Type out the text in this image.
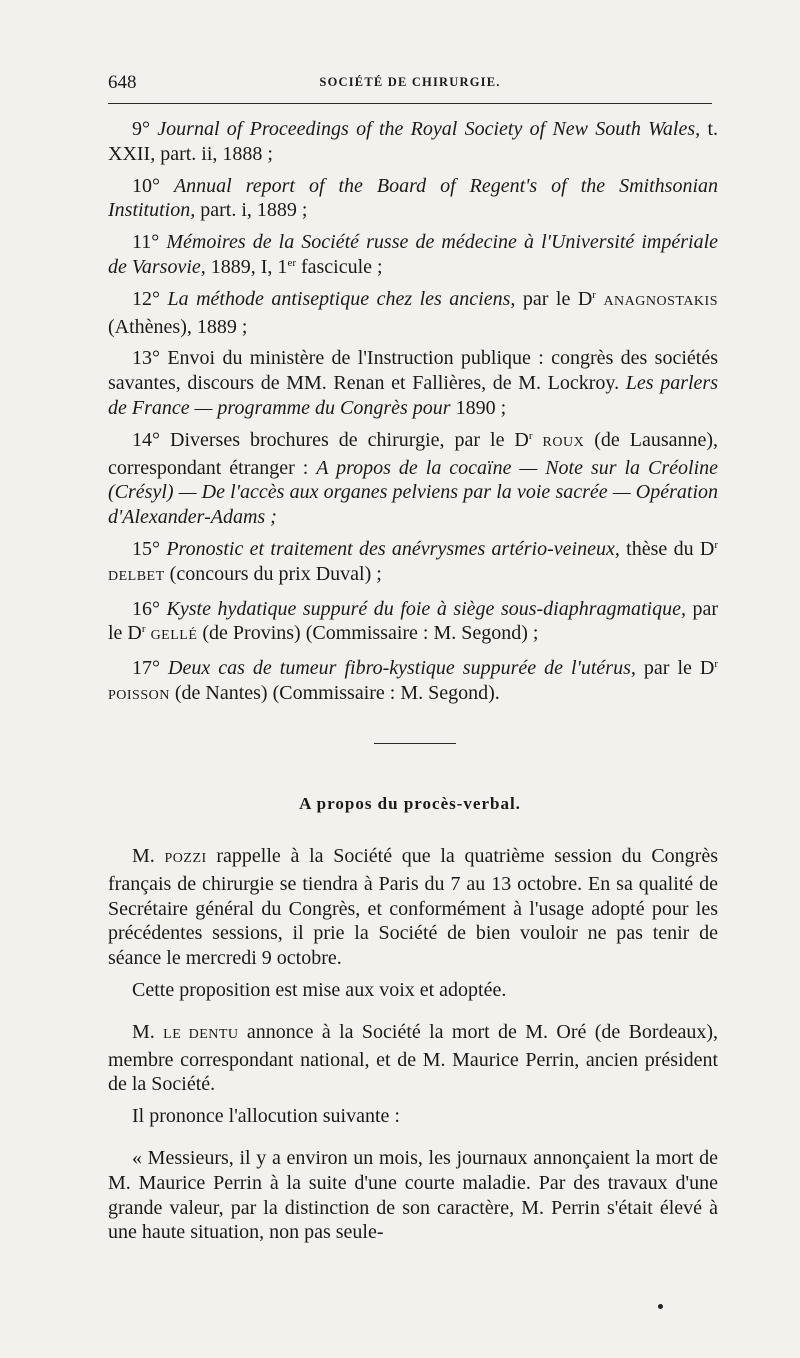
648	SOCIÉTÉ DE CHIRURGIE.

9° Journal of Proceedings of the Royal Society of New South Wales, t. XXII, part. ii, 1888 ;

10° Annual report of the Board of Regent's of the Smithsonian Institution, part. i, 1889 ;

11° Mémoires de la Société russe de médecine à l'Université impériale de Varsovie, 1889, I, 1er fascicule ;

12° La méthode antiseptique chez les anciens, par le $D^r$ ANAGNOSTAKIS (Athènes), 1889 ;

13° Envoi du ministère de l'Instruction publique : congrès des sociétés savantes, discours de MM. Renan et Fallières, de M. Lockroy. Les parlers de France — programme du Congrès pour 1890 ;

14° Diverses brochures de chirurgie, par le $D^r$ ROUX (de Lausanne), correspondant étranger : A propos de la cocaïne — Note sur la Créoline (Crésyl) — De l'accès aux organes pelviens par la voie sacrée — Opération d'Alexander-Adams ;

15° Pronostic et traitement des anévrysmes artério-veineux, thèse du $D^r$ DELBET (concours du prix Duval) ;

16° Kyste hydatique suppuré du foie à siège sous-diaphragmatique, par le $D^r$ GELLÉ (de Provins) (Commissaire : M. Segond) ;

17° Deux cas de tumeur fibro-kystique suppurée de l'utérus, par le $D^r$ POISSON (de Nantes) (Commissaire : M. Segond).

A propos du procès-verbal.

M. POZZI rappelle à la Société que la quatrième session du Congrès français de chirurgie se tiendra à Paris du 7 au 13 octobre. En sa qualité de Secrétaire général du Congrès, et conformément à l'usage adopté pour les précédentes sessions, il prie la Société de bien vouloir ne pas tenir de séance le mercredi 9 octobre.

Cette proposition est mise aux voix et adoptée.

M. LE DENTU annonce à la Société la mort de M. Oré (de Bordeaux), membre correspondant national, et de M. Maurice Perrin, ancien président de la Société.

Il prononce l'allocution suivante :

« Messieurs, il y a environ un mois, les journaux annonçaient la mort de M. Maurice Perrin à la suite d'une courte maladie. Par des travaux d'une grande valeur, par la distinction de son caractère, M. Perrin s'était élevé à une haute situation, non pas seule-
